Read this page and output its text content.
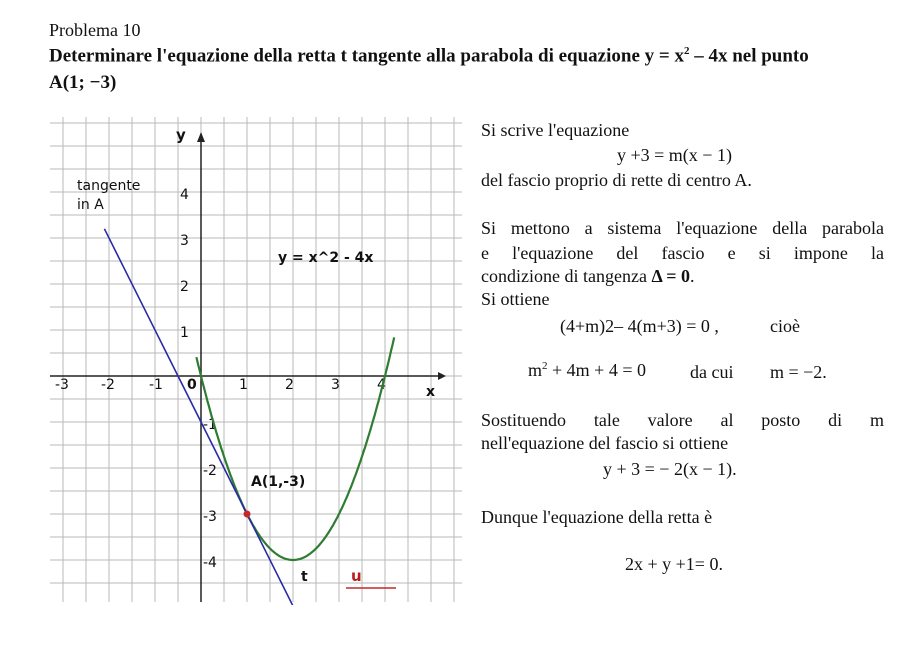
Problema 10
Determinare l'equazione della retta t tangente alla parabola di equazione $y = x^2 - 4x$ nel punto
A(1; −3)
-3 -2 -1 0	1	2	3	4
4
3
2
1
-1
-2
-3
-4
y
x
tangente
in A
y = x^2 - 4x
A(1,-3)
t	u
Si scrive l'equazione
y +3 = m(x − 1)
del fascio proprio di rette di centro A.
Si mettono a sistema l'equazione della parabola
e l'equazione del fascio e si impone la
condizione di tangenza Δ = 0.
Si ottiene
(4+m)2– 4(m+3) = 0 ,	cioè
$m^2 + 4m + 4 = 0$ da cui m = −2.
Sostituendo tale valore al posto di m
nell'equazione del fascio si ottiene
y + 3 = − 2(x − 1).
Dunque l'equazione della retta è
2x + y +1= 0.
